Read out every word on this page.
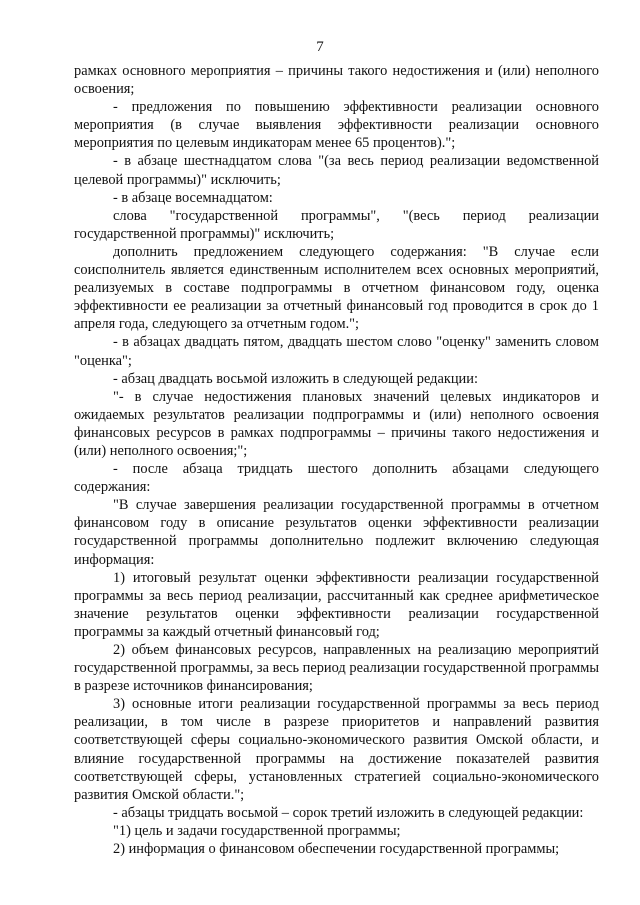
7

рамках основного мероприятия – причины такого недостижения и (или) неполного освоения;

- предложения по повышению эффективности реализации основного мероприятия (в случае выявления эффективности реализации основного мероприятия по целевым индикаторам менее 65 процентов).";

- в абзаце шестнадцатом слова "(за весь период реализации ведомственной целевой программы)" исключить;

- в абзаце восемнадцатом:

слова "государственной программы", "(весь период реализации государственной программы)" исключить;

дополнить предложением следующего содержания: "В случае если соисполнитель является единственным исполнителем всех основных мероприятий, реализуемых в составе подпрограммы в отчетном финансовом году, оценка эффективности ее реализации за отчетный финансовый год проводится в срок до 1 апреля года, следующего за отчетным годом.";

- в абзацах двадцать пятом, двадцать шестом слово "оценку" заменить словом "оценка";

- абзац двадцать восьмой изложить в следующей редакции:

"- в случае недостижения плановых значений целевых индикаторов и ожидаемых результатов реализации подпрограммы и (или) неполного освоения финансовых ресурсов в рамках подпрограммы – причины такого недостижения и (или) неполного освоения;";

- после абзаца тридцать шестого дополнить абзацами следующего содержания:

"В случае завершения реализации государственной программы в отчетном финансовом году в описание результатов оценки эффективности реализации государственной программы дополнительно подлежит включению следующая информация:

1) итоговый результат оценки эффективности реализации государственной программы за весь период реализации, рассчитанный как среднее арифметическое значение результатов оценки эффективности реализации государственной программы за каждый отчетный финансовый год;

2) объем финансовых ресурсов, направленных на реализацию мероприятий государственной программы, за весь период реализации государственной программы в разрезе источников финансирования;

3) основные итоги реализации государственной программы за весь период реализации, в том числе в разрезе приоритетов и направлений развития соответствующей сферы социально-экономического развития Омской области, и влияние государственной программы на достижение показателей развития соответствующей сферы, установленных стратегией социально-экономического развития Омской области.";

- абзацы тридцать восьмой – сорок третий изложить в следующей редакции:

"1) цель и задачи государственной программы;

2) информация о финансовом обеспечении государственной программы;
